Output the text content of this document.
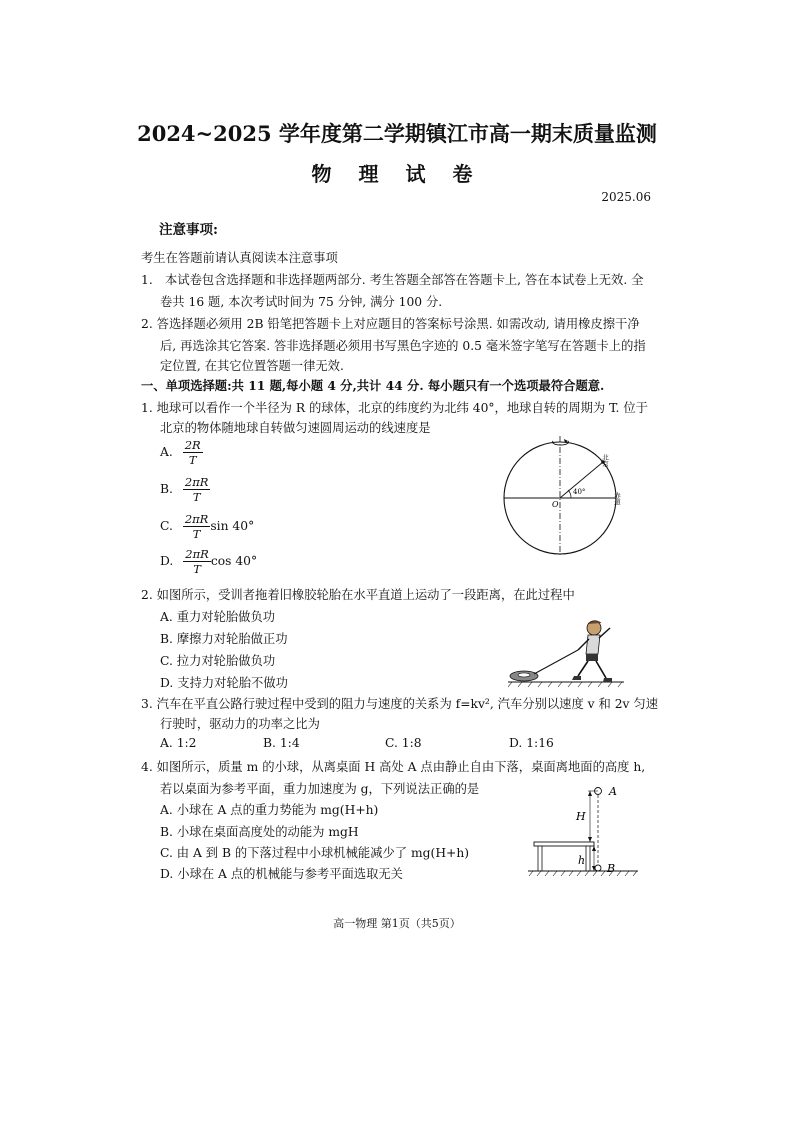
2024~2025 学年度第二学期镇江市高一期末质量监测
物 理 试 卷
2025.06
注意事项:
考生在答题前请认真阅读本注意事项
1.　本试卷包含选择题和非选择题两部分. 考生答题全部答在答题卡上, 答在本试卷上无效. 全
卷共 16 题, 本次考试时间为 75 分钟, 满分 100 分.
2. 答选择题必须用 2B 铅笔把答题卡上对应题目的答案标号涂黑. 如需改动, 请用橡皮擦干净
后, 再选涂其它答案. 答非选择题必须用书写黑色字迹的 0.5 毫米签字笔写在答题卡上的指
定位置, 在其它位置答题一律无效.
一、单项选择题:共 11 题,每小题 4 分,共计 44 分. 每小题只有一个选项最符合题意.
1. 地球可以看作一个半径为 R 的球体，北京的纬度约为北纬 40°，地球自转的周期为 T. 位于
北京的物体随地球自转做匀速圆周运动的线速度是
A. $\frac{2R}{T}$
B. $\frac{2\pi R}{T}$
C. $\frac{2\pi R}{T}$ sin 40°
D. $\frac{2\pi R}{T}$ cos 40°
40°
O
北京
赤道
2. 如图所示，受训者拖着旧橡胶轮胎在水平直道上运动了一段距离，在此过程中
A. 重力对轮胎做负功
B. 摩擦力对轮胎做正功
C. 拉力对轮胎做负功
D. 支持力对轮胎不做功
3. 汽车在平直公路行驶过程中受到的阻力与速度的关系为 f=kv², 汽车分别以速度 v 和 2v 匀速
行驶时，驱动力的功率之比为
A. 1:2	B. 1:4	C. 1:8	D. 1:16
4. 如图所示，质量 m 的小球，从离桌面 H 高处 A 点由静止自由下落，桌面离地面的高度 h,
若以桌面为参考平面，重力加速度为 g，下列说法正确的是
A. 小球在 A 点的重力势能为 mg(H+h)
B. 小球在桌面高度处的动能为 mgH
C. 由 A 到 B 的下落过程中小球机械能减少了 mg(H+h)
D. 小球在 A 点的机械能与参考平面选取无关
A
H
h
B
高一物理 第1页（共5页）
